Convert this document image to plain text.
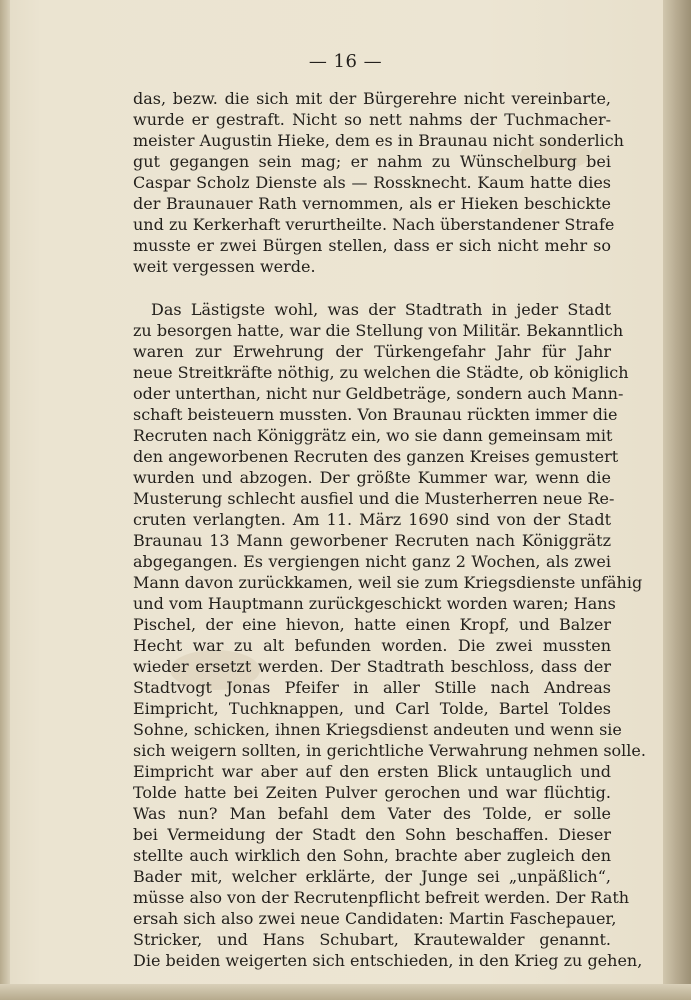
— 16 —
das, bezw. die sich mit der Bürgerehre nicht vereinbarte,
wurde er gestraft. Nicht so nett nahms der Tuchmacher-
meister Augustin Hieke, dem es in Braunau nicht sonderlich
gut gegangen sein mag; er nahm zu Wünschelburg bei
Caspar Scholz Dienste als — Rossknecht. Kaum hatte dies
der Braunauer Rath vernommen, als er Hieken beschickte
und zu Kerkerhaft verurtheilte. Nach überstandener Strafe
musste er zwei Bürgen stellen, dass er sich nicht mehr so
weit vergessen werde.
Das Lästigste wohl, was der Stadtrath in jeder Stadt
zu besorgen hatte, war die Stellung von Militär. Bekanntlich
waren zur Erwehrung der Türkengefahr Jahr für Jahr
neue Streitkräfte nöthig, zu welchen die Städte, ob königlich
oder unterthan, nicht nur Geldbeträge, sondern auch Mann-
schaft beisteuern mussten. Von Braunau rückten immer die
Recruten nach Königgrätz ein, wo sie dann gemeinsam mit
den angeworbenen Recruten des ganzen Kreises gemustert
wurden und abzogen. Der größte Kummer war, wenn die
Musterung schlecht ausfiel und die Musterherren neue Re-
cruten verlangten. Am 11. März 1690 sind von der Stadt
Braunau 13 Mann geworbener Recruten nach Königgrätz
abgegangen. Es vergiengen nicht ganz 2 Wochen, als zwei
Mann davon zurückkamen, weil sie zum Kriegsdienste unfähig
und vom Hauptmann zurückgeschickt worden waren; Hans
Pischel, der eine hievon, hatte einen Kropf, und Balzer
Hecht war zu alt befunden worden. Die zwei mussten
wieder ersetzt werden. Der Stadtrath beschloss, dass der
Stadtvogt Jonas Pfeifer in aller Stille nach Andreas
Eimpricht, Tuchknappen, und Carl Tolde, Bartel Toldes
Sohne, schicken, ihnen Kriegsdienst andeuten und wenn sie
sich weigern sollten, in gerichtliche Verwahrung nehmen solle.
Eimpricht war aber auf den ersten Blick untauglich und
Tolde hatte bei Zeiten Pulver gerochen und war flüchtig.
Was nun? Man befahl dem Vater des Tolde, er solle
bei Vermeidung der Stadt den Sohn beschaffen. Dieser
stellte auch wirklich den Sohn, brachte aber zugleich den
Bader mit, welcher erklärte, der Junge sei „unpäßlich“,
müsse also von der Recrutenpflicht befreit werden. Der Rath
ersah sich also zwei neue Candidaten: Martin Faschepauer,
Stricker, und Hans Schubart, Krautewalder genannt.
Die beiden weigerten sich entschieden, in den Krieg zu gehen,
